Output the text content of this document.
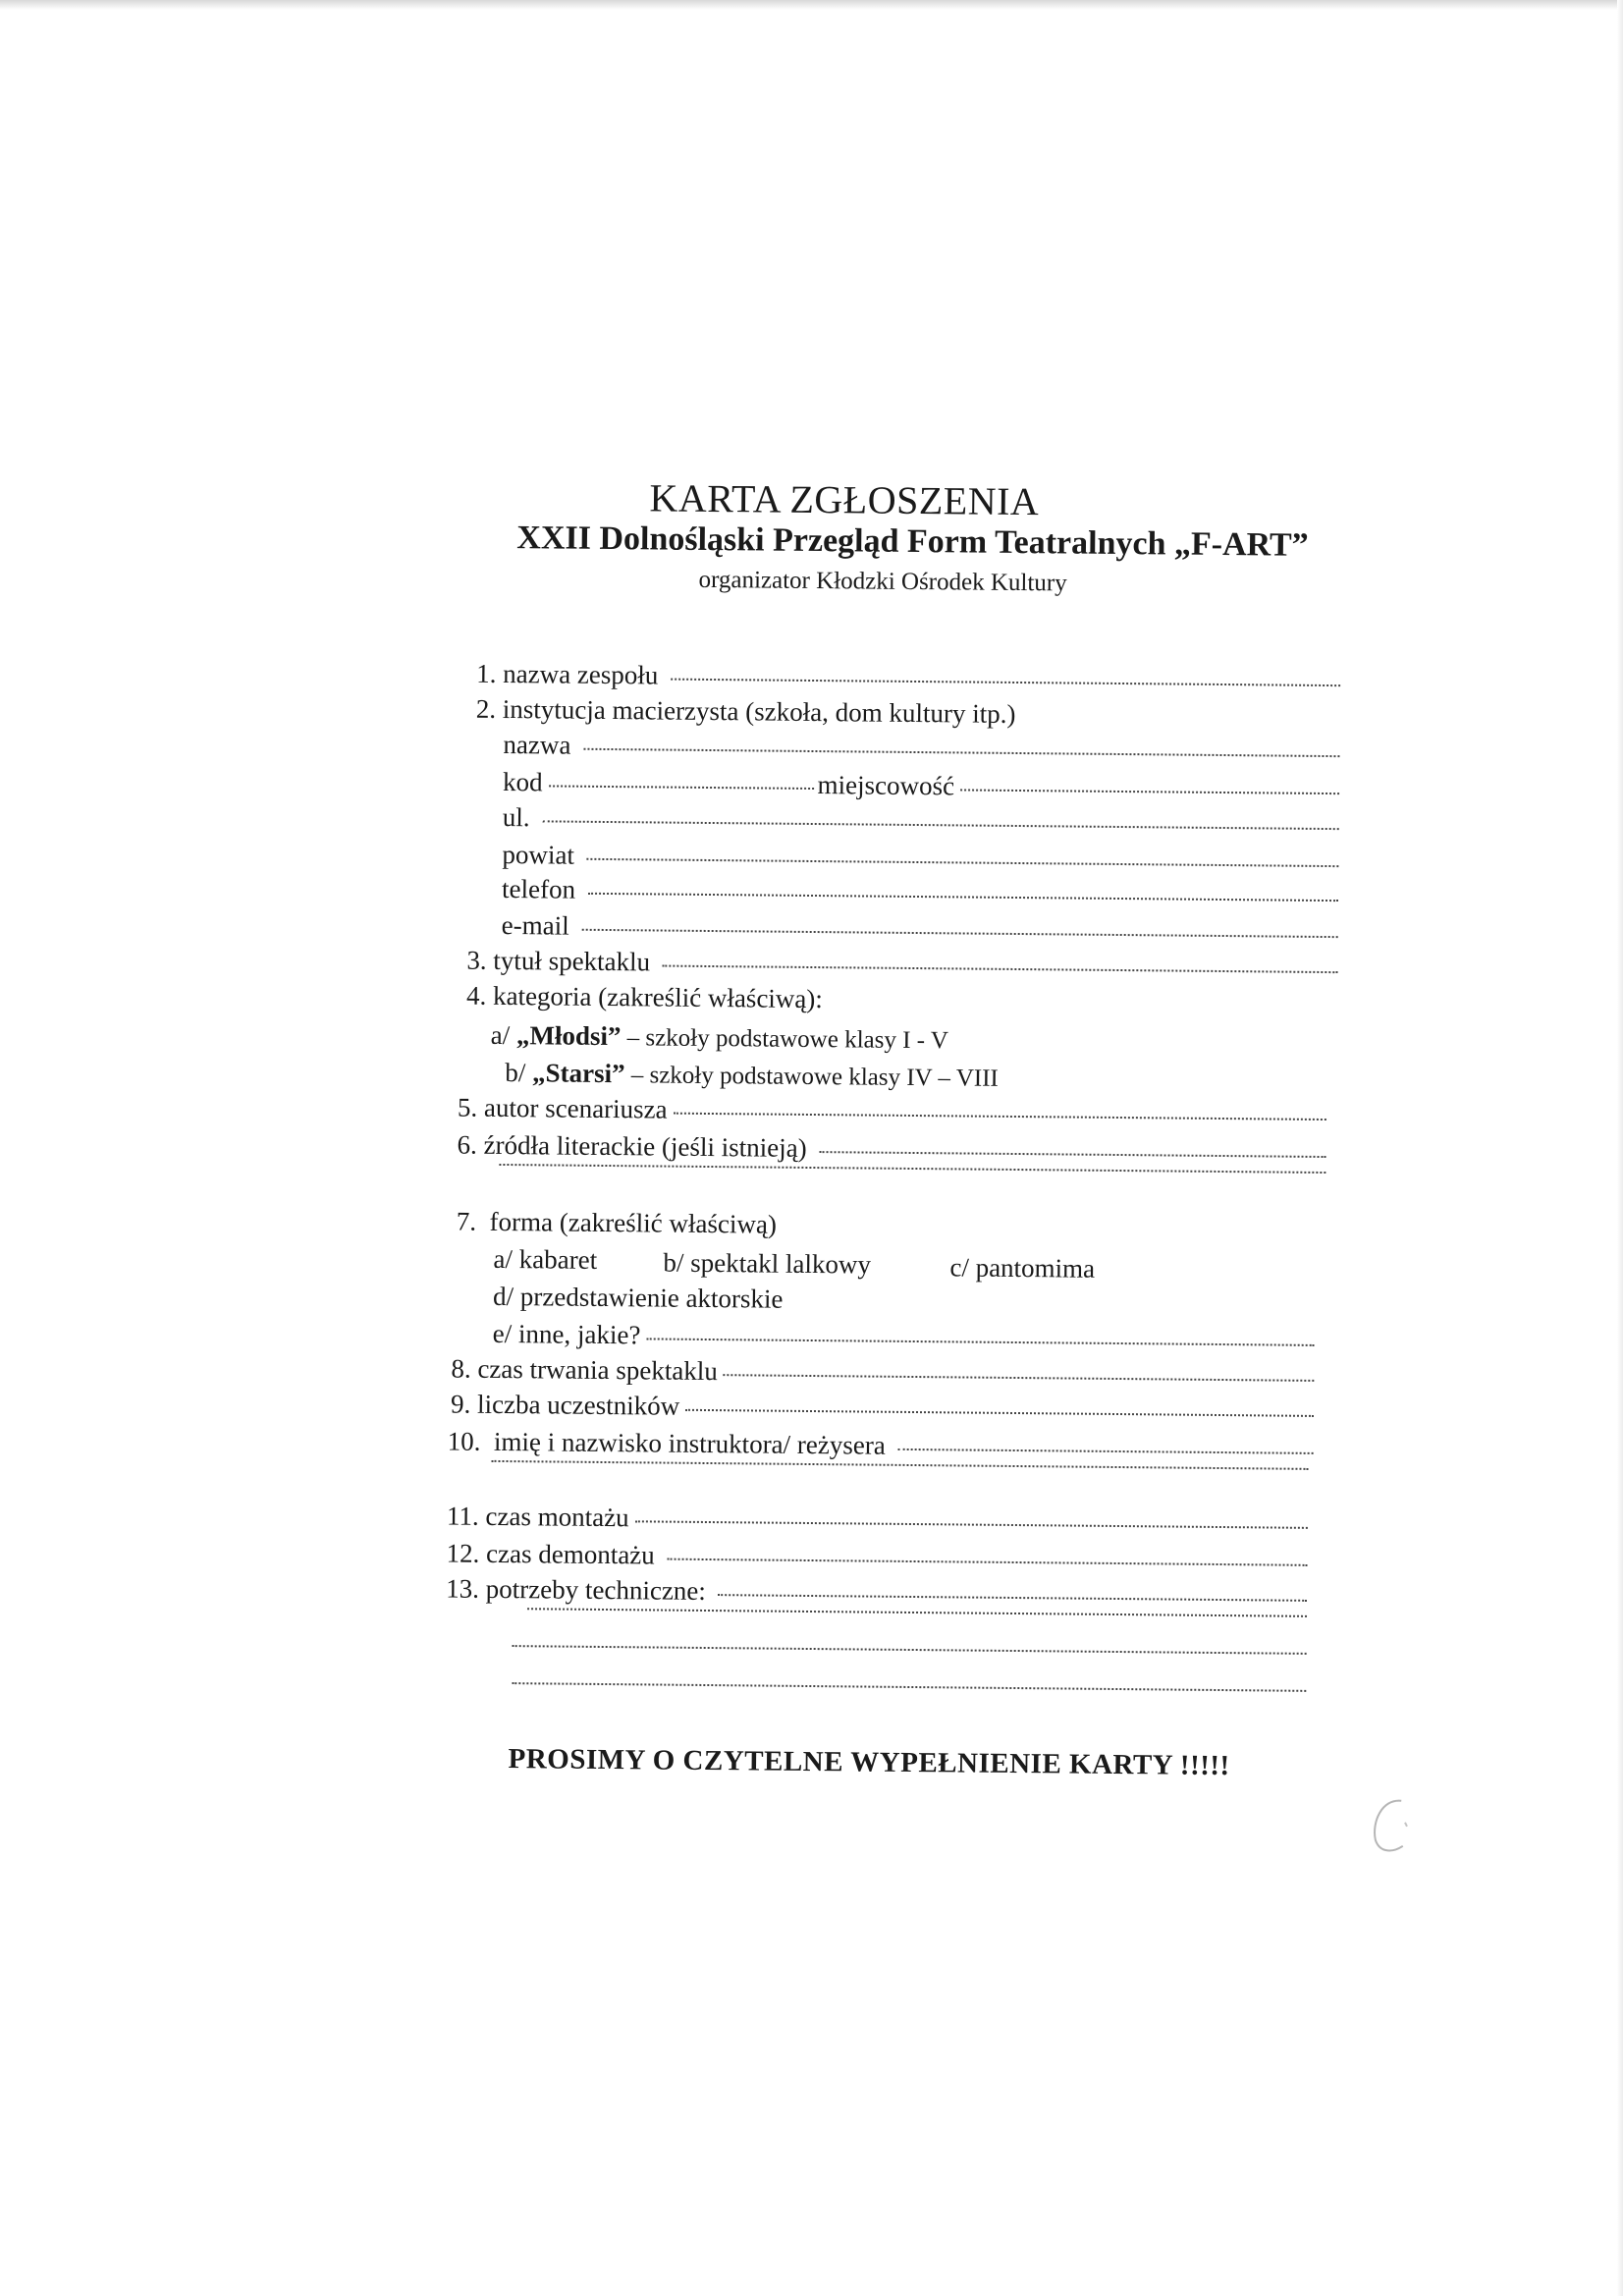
KARTA ZGŁOSZENIA
XXII Dolnośląski Przegląd Form Teatralnych „F-ART”
organizator Kłodzki Ośrodek Kultury
1. nazwa zespołu
2. instytucja macierzysta (szkoła, dom kultury itp.)
nazwa
kod	miejscowość
ul.
powiat
telefon
e-mail
3. tytuł spektaklu
4. kategoria (zakreślić właściwą):
a/ „Młodsi” – szkoły podstawowe klasy I - V
b/ „Starsi” – szkoły podstawowe klasy IV – VIII
5. autor scenariusza
6. źródła literackie (jeśli istnieją)
7.  forma (zakreślić właściwą)
a/ kabaret b/ spektakl lalkowy	c/ pantomima
d/ przedstawienie aktorskie
e/ inne, jakie?
8. czas trwania spektaklu
9. liczba uczestników
10.  imię i nazwisko instruktora/ reżysera
11. czas montażu
12. czas demontażu
13. potrzeby techniczne:
PROSIMY O CZYTELNE WYPEŁNIENIE KARTY !!!!!
